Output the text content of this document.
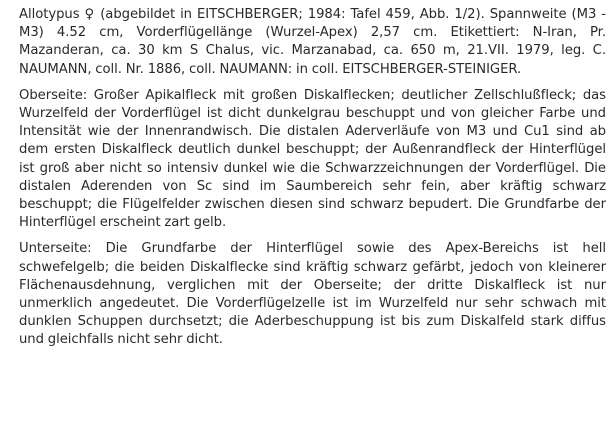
Allotypus ♀ (abgebildet in EITSCHBERGER; 1984: Tafel 459, Abb. 1/2). Spannweite (M3 - M3) 4.52 cm, Vorderflügellänge (Wurzel-Apex) 2,57 cm. Etikettiert: N-Iran, Pr. Mazanderan, ca. 30 km S Chalus, vic. Marzanabad, ca. 650 m, 21.VII. 1979, leg. C. NAUMANN, coll. Nr. 1886, coll. NAUMANN: in coll. EITSCHBERGER-STEINIGER.

Oberseite: Großer Apikalfleck mit großen Diskalflecken; deutlicher Zellschlußfleck; das Wurzelfeld der Vorderflügel ist dicht dunkelgrau beschuppt und von gleicher Farbe und Intensität wie der Innenrandwisch. Die distalen Aderverläufe von M3 und Cu1 sind ab dem ersten Diskalfleck deutlich dunkel beschuppt; der Außenrandfleck der Hinterflügel ist groß aber nicht so intensiv dunkel wie die Schwarzzeichnungen der Vorderflügel. Die distalen Aderenden von Sc sind im Saumbereich sehr fein, aber kräftig schwarz beschuppt; die Flügelfelder zwischen diesen sind schwarz bepudert. Die Grundfarbe der Hinterflügel erscheint zart gelb.

Unterseite: Die Grundfarbe der Hinterflügel sowie des Apex-Bereichs ist hell schwefelgelb; die beiden Diskalflecke sind kräftig schwarz gefärbt, jedoch von kleinerer Flächenausdehnung, verglichen mit der Oberseite; der dritte Diskalfleck ist nur unmerklich angedeutet. Die Vorderflügelzelle ist im Wurzelfeld nur sehr schwach mit dunklen Schuppen durchsetzt; die Aderbeschuppung ist bis zum Diskalfeld stark diffus und gleichfalls nicht sehr dicht.
